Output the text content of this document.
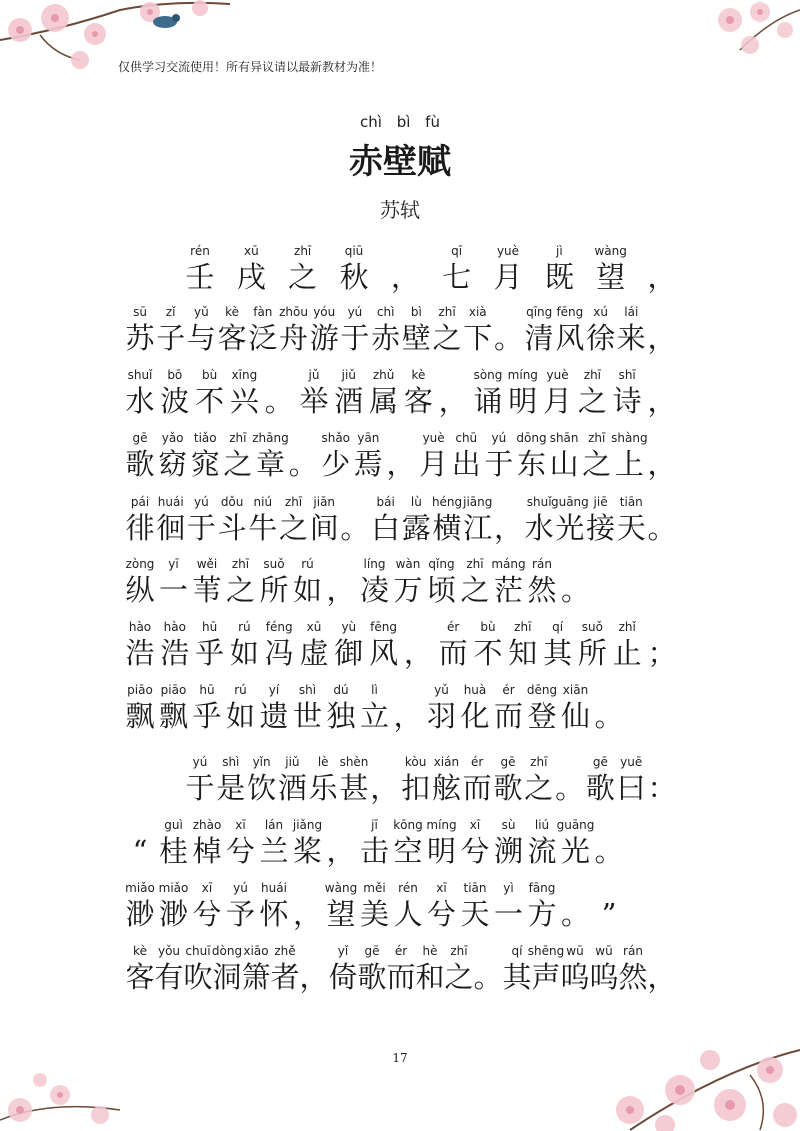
仅供学习交流使用！所有异议请以最新教材为准！
chì bì fù
赤壁赋
苏轼
rén
壬
xū
戌
zhī
之
qiū
秋 ，
qī
七
yuè
月
jì
既
wàng
望 ，
sū
苏
zǐ
子
yǔ
与
kè
客
fàn
泛
zhōu
舟
yóu
游
yú
于
chì
赤
bì
壁
zhī
之
xià
下 。
qīng
清
fēng
风
xú
徐
lái
来 ，
shuǐ
水
bō
波
bù
不
xīng
兴 。
jǔ
举
jiǔ
酒
zhǔ
属
kè
客 ，
sòng
诵
míng
明
yuè
月
zhī
之
shī
诗 ，
gē
歌
yǎo
窈
tiǎo
窕
zhī
之
zhāng
章 。
shǎo
少
yān
焉 ，
yuè
月
chū
出
yú
于
dōng
东
shān
山
zhī
之
shàng
上 ，
pái
徘
huái
徊
yú
于
dǒu
斗
niú
牛
zhī
之
jiān
间 。
bái
白
lù
露
héng
横
jiāng
江 ，
shuǐ
水
guāng
光
jiē
接
tiān
天 。
zòng
纵
yī
一
wěi
苇
zhī
之
suǒ
所
rú
如 ，
líng
凌
wàn
万
qǐng
顷
zhī
之
máng
茫
rán
然 。
hào
浩
hào
浩
hū
乎
rú
如
féng
冯
xū
虚
yù
御
fēng
风 ，
ér
而
bù
不
zhī
知
qí
其
suǒ
所
zhǐ
止 ；
piāo
飘
piāo
飘
hū
乎
rú
如
yí
遗
shì
世
dú
独
lì
立 ，
yǔ
羽
huà
化
ér
而
dēng
登
xiān
仙 。
yú
于
shì
是
yǐn
饮
jiǔ
酒
lè
乐
shèn
甚 ，
kòu
扣
xián
舷
ér
而
gē
歌
zhī
之 。
gē
歌
yuē
曰 ：
“
guì
桂
zhào
棹
xī
兮
lán
兰
jiǎng
桨 ，
jī
击
kōng
空
míng
明
xī
兮
sù
溯
liú
流
guāng
光 。
miǎo
渺
miǎo
渺
xī
兮
yú
予
huái
怀 ，
wàng
望
měi
美
rén
人
xī
兮
tiān
天
yì
一
fāng
方 。 ”
kè
客
yǒu
有
chuī
吹
dòng
洞
xiāo
箫
zhě
者 ，
yǐ
倚
gē
歌
ér
而
hè
和
zhī
之 。
qí
其
shēng
声
wū
呜
wū
呜
rán
然 ，
17
